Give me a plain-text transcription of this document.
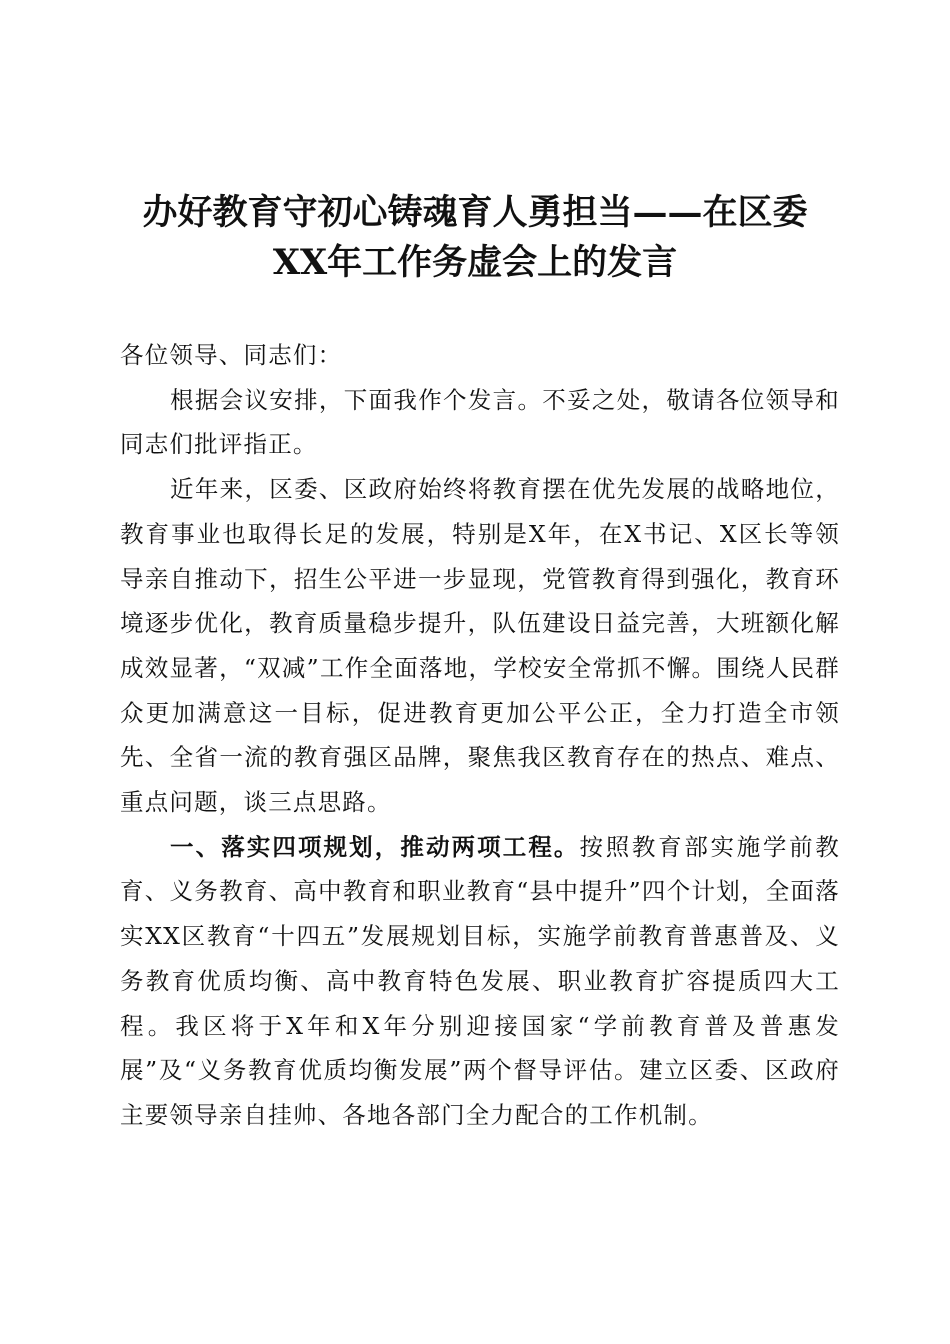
办好教育守初心铸魂育人勇担当——在区委
XX年工作务虚会上的发言

各位领导、同志们：

根据会议安排，下面我作个发言。不妥之处，敬请各位领导和同志们批评指正。

近年来，区委、区政府始终将教育摆在优先发展的战略地位，教育事业也取得长足的发展，特别是X年，在X书记、X区长等领导亲自推动下，招生公平进一步显现，党管教育得到强化，教育环境逐步优化，教育质量稳步提升，队伍建设日益完善，大班额化解成效显著，“双减”工作全面落地，学校安全常抓不懈。围绕人民群众更加满意这一目标，促进教育更加公平公正，全力打造全市领先、全省一流的教育强区品牌，聚焦我区教育存在的热点、难点、重点问题，谈三点思路。

一、落实四项规划，推动两项工程。按照教育部实施学前教育、义务教育、高中教育和职业教育“县中提升”四个计划，全面落实XX区教育“十四五”发展规划目标，实施学前教育普惠普及、义务教育优质均衡、高中教育特色发展、职业教育扩容提质四大工程。我区将于X年和X年分别迎接国家“学前教育普及普惠发展”及“义务教育优质均衡发展”两个督导评估。建立区委、区政府主要领导亲自挂帅、各地各部门全力配合的工作机制。
